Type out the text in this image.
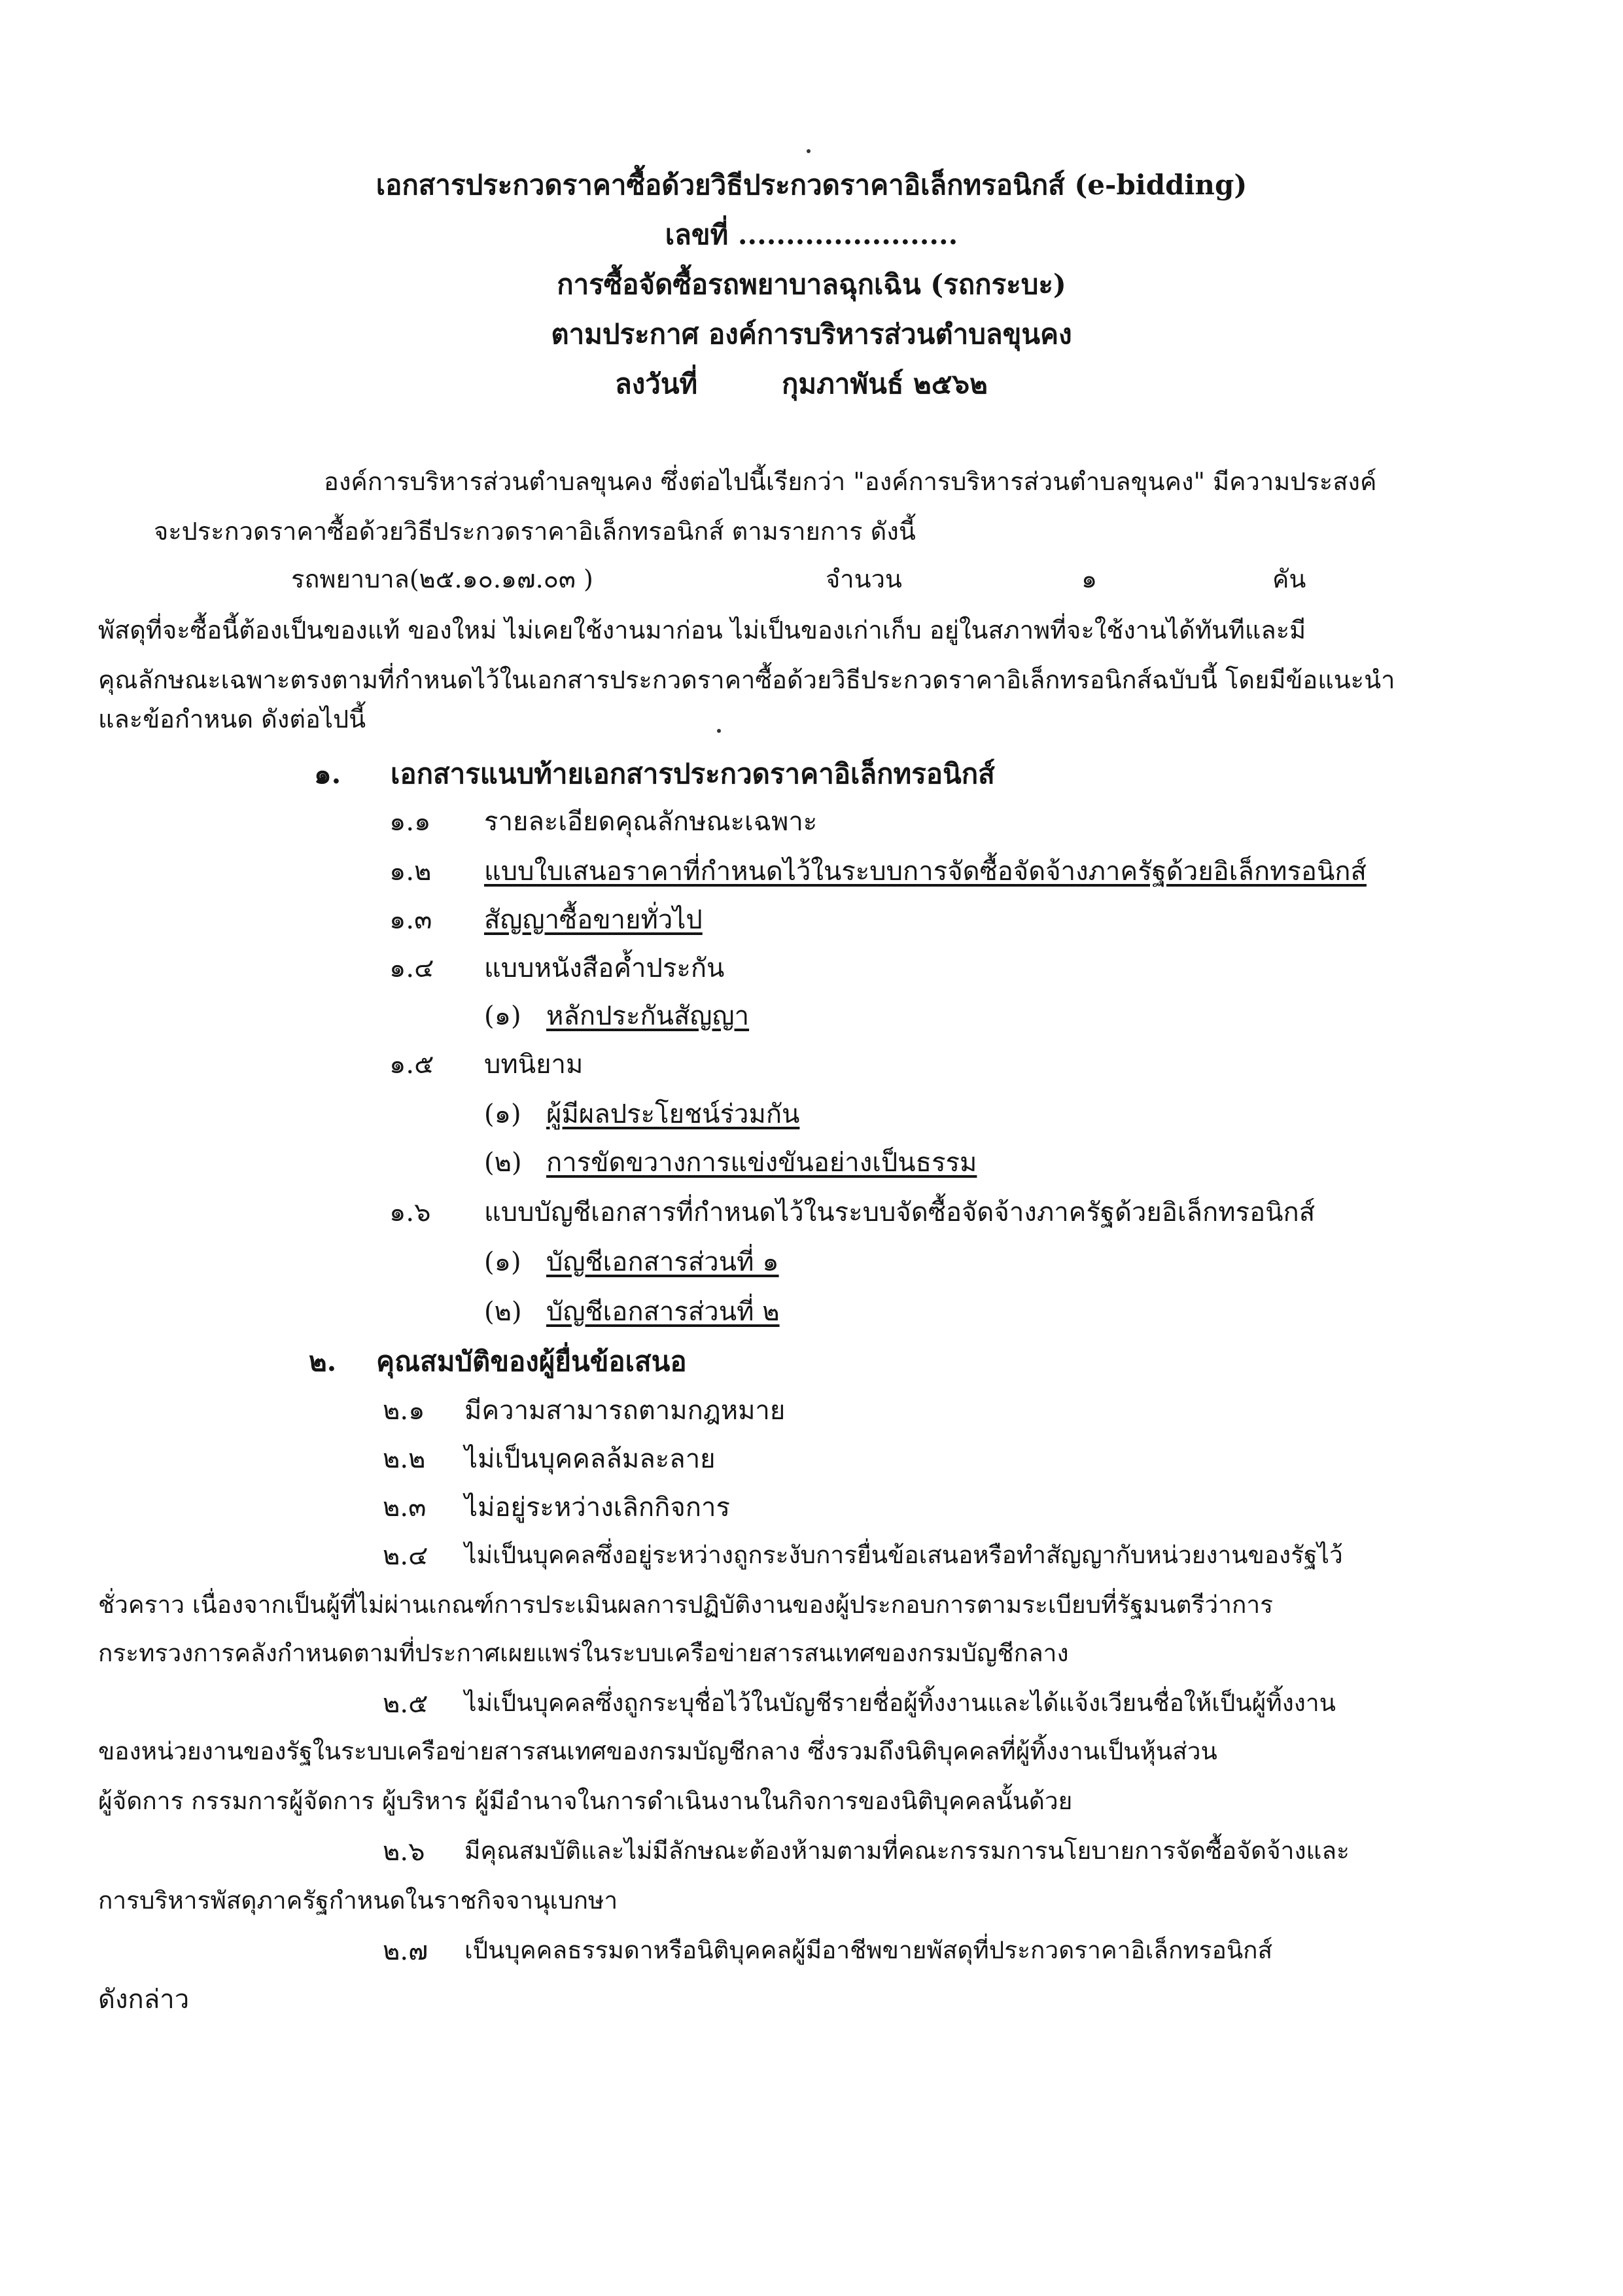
เอกสารประกวดราคาซื้อด้วยวิธีประกวดราคาอิเล็กทรอนิกส์ (e-bidding)
เลขที่ .......................
การซื้อจัดซื้อรถพยาบาลฉุกเฉิน (รถกระบะ)
ตามประกาศ องค์การบริหารส่วนตำบลขุนคง
ลงวันที่	กุมภาพันธ์ ๒๕๖๒
องค์การบริหารส่วนตำบลขุนคง ซึ่งต่อไปนี้เรียกว่า "องค์การบริหารส่วนตำบลขุนคง" มีความประสงค์
จะประกวดราคาซื้อด้วยวิธีประกวดราคาอิเล็กทรอนิกส์ ตามรายการ ดังนี้
รถพยาบาล(๒๕.๑๐.๑๗.๐๓ )	จำนวน	๑	คัน
พัสดุที่จะซื้อนี้ต้องเป็นของแท้ ของใหม่ ไม่เคยใช้งานมาก่อน ไม่เป็นของเก่าเก็บ อยู่ในสภาพที่จะใช้งานได้ทันทีและมี
คุณลักษณะเฉพาะตรงตามที่กำหนดไว้ในเอกสารประกวดราคาซื้อด้วยวิธีประกวดราคาอิเล็กทรอนิกส์ฉบับนี้ โดยมีข้อแนะนำ
และข้อกำหนด ดังต่อไปนี้
๑. เอกสารแนบท้ายเอกสารประกวดราคาอิเล็กทรอนิกส์
๑.๑ รายละเอียดคุณลักษณะเฉพาะ
๑.๒ แบบใบเสนอราคาที่กำหนดไว้ในระบบการจัดซื้อจัดจ้างภาครัฐด้วยอิเล็กทรอนิกส์
๑.๓ สัญญาซื้อขายทั่วไป
๑.๔ แบบหนังสือค้ำประกัน
(๑) หลักประกันสัญญา
๑.๕ บทนิยาม
(๑) ผู้มีผลประโยชน์ร่วมกัน
(๒) การขัดขวางการแข่งขันอย่างเป็นธรรม
๑.๖ แบบบัญชีเอกสารที่กำหนดไว้ในระบบจัดซื้อจัดจ้างภาครัฐด้วยอิเล็กทรอนิกส์
(๑) บัญชีเอกสารส่วนที่ ๑
(๒) บัญชีเอกสารส่วนที่ ๒
๒. คุณสมบัติของผู้ยื่นข้อเสนอ
๒.๑ มีความสามารถตามกฎหมาย
๒.๒ ไม่เป็นบุคคลล้มละลาย
๒.๓ ไม่อยู่ระหว่างเลิกกิจการ
๒.๔ ไม่เป็นบุคคลซึ่งอยู่ระหว่างถูกระงับการยื่นข้อเสนอหรือทำสัญญากับหน่วยงานของรัฐไว้
ชั่วคราว เนื่องจากเป็นผู้ที่ไม่ผ่านเกณฑ์การประเมินผลการปฏิบัติงานของผู้ประกอบการตามระเบียบที่รัฐมนตรีว่าการ
กระทรวงการคลังกำหนดตามที่ประกาศเผยแพร่ในระบบเครือข่ายสารสนเทศของกรมบัญชีกลาง
๒.๕ ไม่เป็นบุคคลซึ่งถูกระบุชื่อไว้ในบัญชีรายชื่อผู้ทิ้งงานและได้แจ้งเวียนชื่อให้เป็นผู้ทิ้งงาน
ของหน่วยงานของรัฐในระบบเครือข่ายสารสนเทศของกรมบัญชีกลาง ซึ่งรวมถึงนิติบุคคลที่ผู้ทิ้งงานเป็นหุ้นส่วน
ผู้จัดการ กรรมการผู้จัดการ ผู้บริหาร ผู้มีอำนาจในการดำเนินงานในกิจการของนิติบุคคลนั้นด้วย
๒.๖ มีคุณสมบัติและไม่มีลักษณะต้องห้ามตามที่คณะกรรมการนโยบายการจัดซื้อจัดจ้างและ
การบริหารพัสดุภาครัฐกำหนดในราชกิจจานุเบกษา
๒.๗ เป็นบุคคลธรรมดาหรือนิติบุคคลผู้มีอาชีพขายพัสดุที่ประกวดราคาอิเล็กทรอนิกส์
ดังกล่าว
